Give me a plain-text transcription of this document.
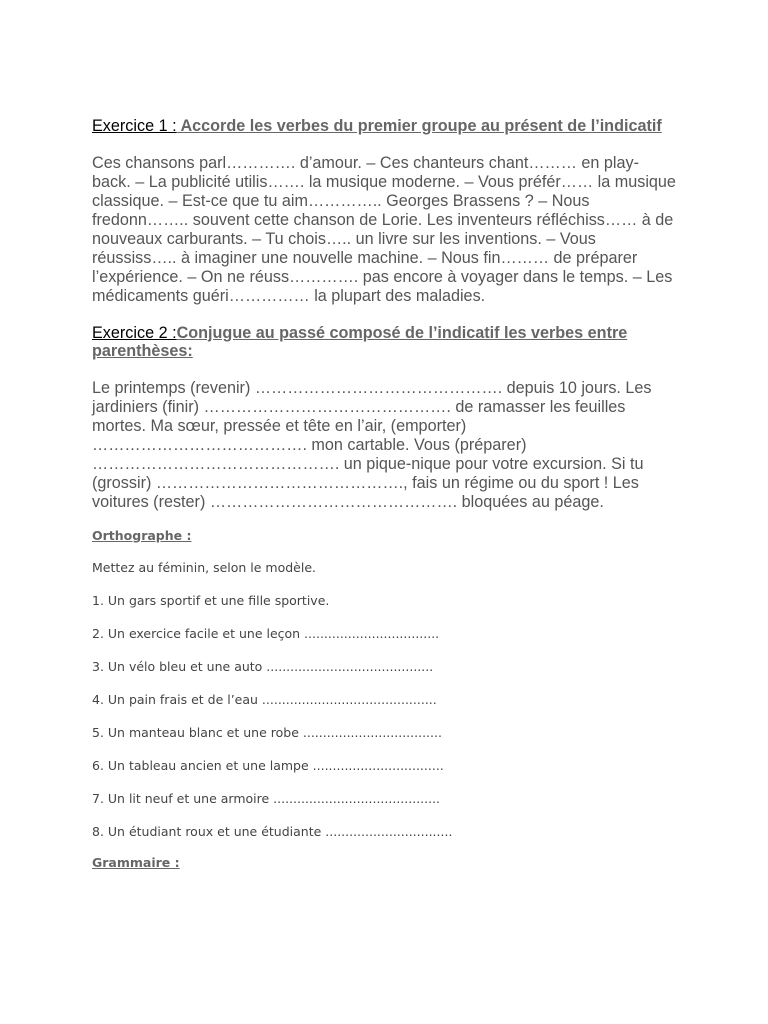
Exercice 1 : Accorde les verbes du premier groupe au présent de l’indicatif

Ces chansons parl…………. d’amour. – Ces chanteurs chant……… en play-back. – La publicité utilis……. la musique moderne. – Vous préfér…… la musique classique. – Est-ce que tu aim………….. Georges Brassens ? – Nous fredonn…….. souvent cette chanson de Lorie. Les inventeurs réfléchiss…… à de nouveaux carburants. – Tu chois….. un livre sur les inventions. – Vous réussiss….. à imaginer une nouvelle machine. – Nous fin……… de préparer l’expérience. – On ne réuss…………. pas encore à voyager dans le temps. – Les médicaments guéri…………… la plupart des maladies.

Exercice 2 :Conjugue au passé composé de l’indicatif les verbes entre parenthèses:

Le printemps (revenir) ………………………………………. depuis 10 jours. Les jardiniers (finir) ………………………………………. de ramasser les feuilles mortes. Ma sœur, pressée et tête en l’air, (emporter) …………………………………. mon cartable. Vous (préparer) ………………………………………. un pique-nique pour votre excursion. Si tu (grossir) ………………………………………., fais un régime ou du sport ! Les voitures (rester) ………………………………………. bloquées au péage.

Orthographe :

Mettez au féminin, selon le modèle.

1. Un gars sportif et une fille sportive.

2. Un exercice facile et une leçon ..................................

3. Un vélo bleu et une auto ..........................................

4. Un pain frais et de l’eau ............................................

5. Un manteau blanc et une robe ...................................

6. Un tableau ancien et une lampe .................................

7. Un lit neuf et une armoire ..........................................

8. Un étudiant roux et une étudiante ................................

Grammaire :
